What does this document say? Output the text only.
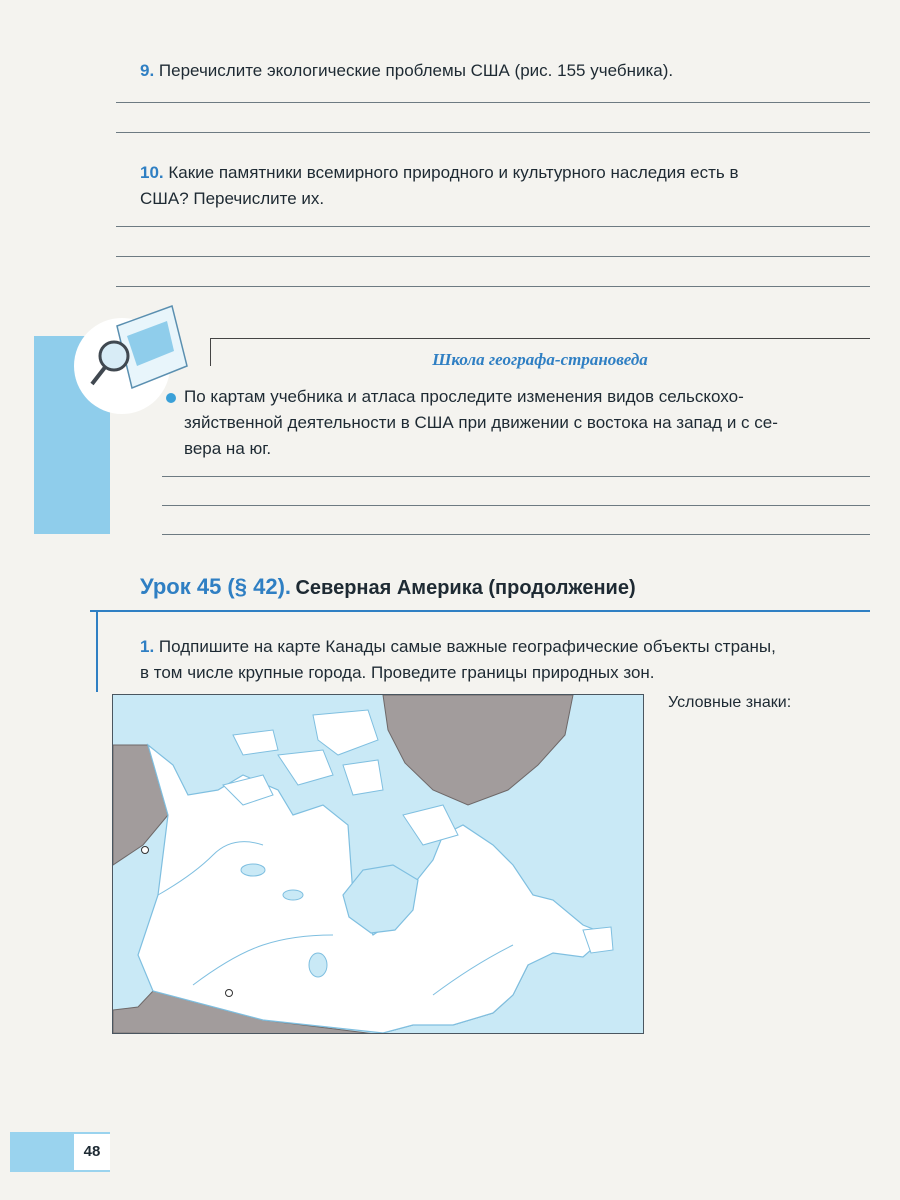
9. Перечислите экологические проблемы США (рис. 155 учебника).
10. Какие памятники всемирного природного и культурного наследия есть в
США? Перечислите их.
Школа географа-страноведа
По картам учебника и атласа проследите изменения видов сельскохо-
зяйственной деятельности в США при движении с востока на запад и с се-
вера на юг.
Урок 45 (§ 42). Северная Америка (продолжение)
1. Подпишите на карте Канады самые важные географические объекты страны,
в том числе крупные города. Проведите границы природных зон.
Условные знаки:
48
